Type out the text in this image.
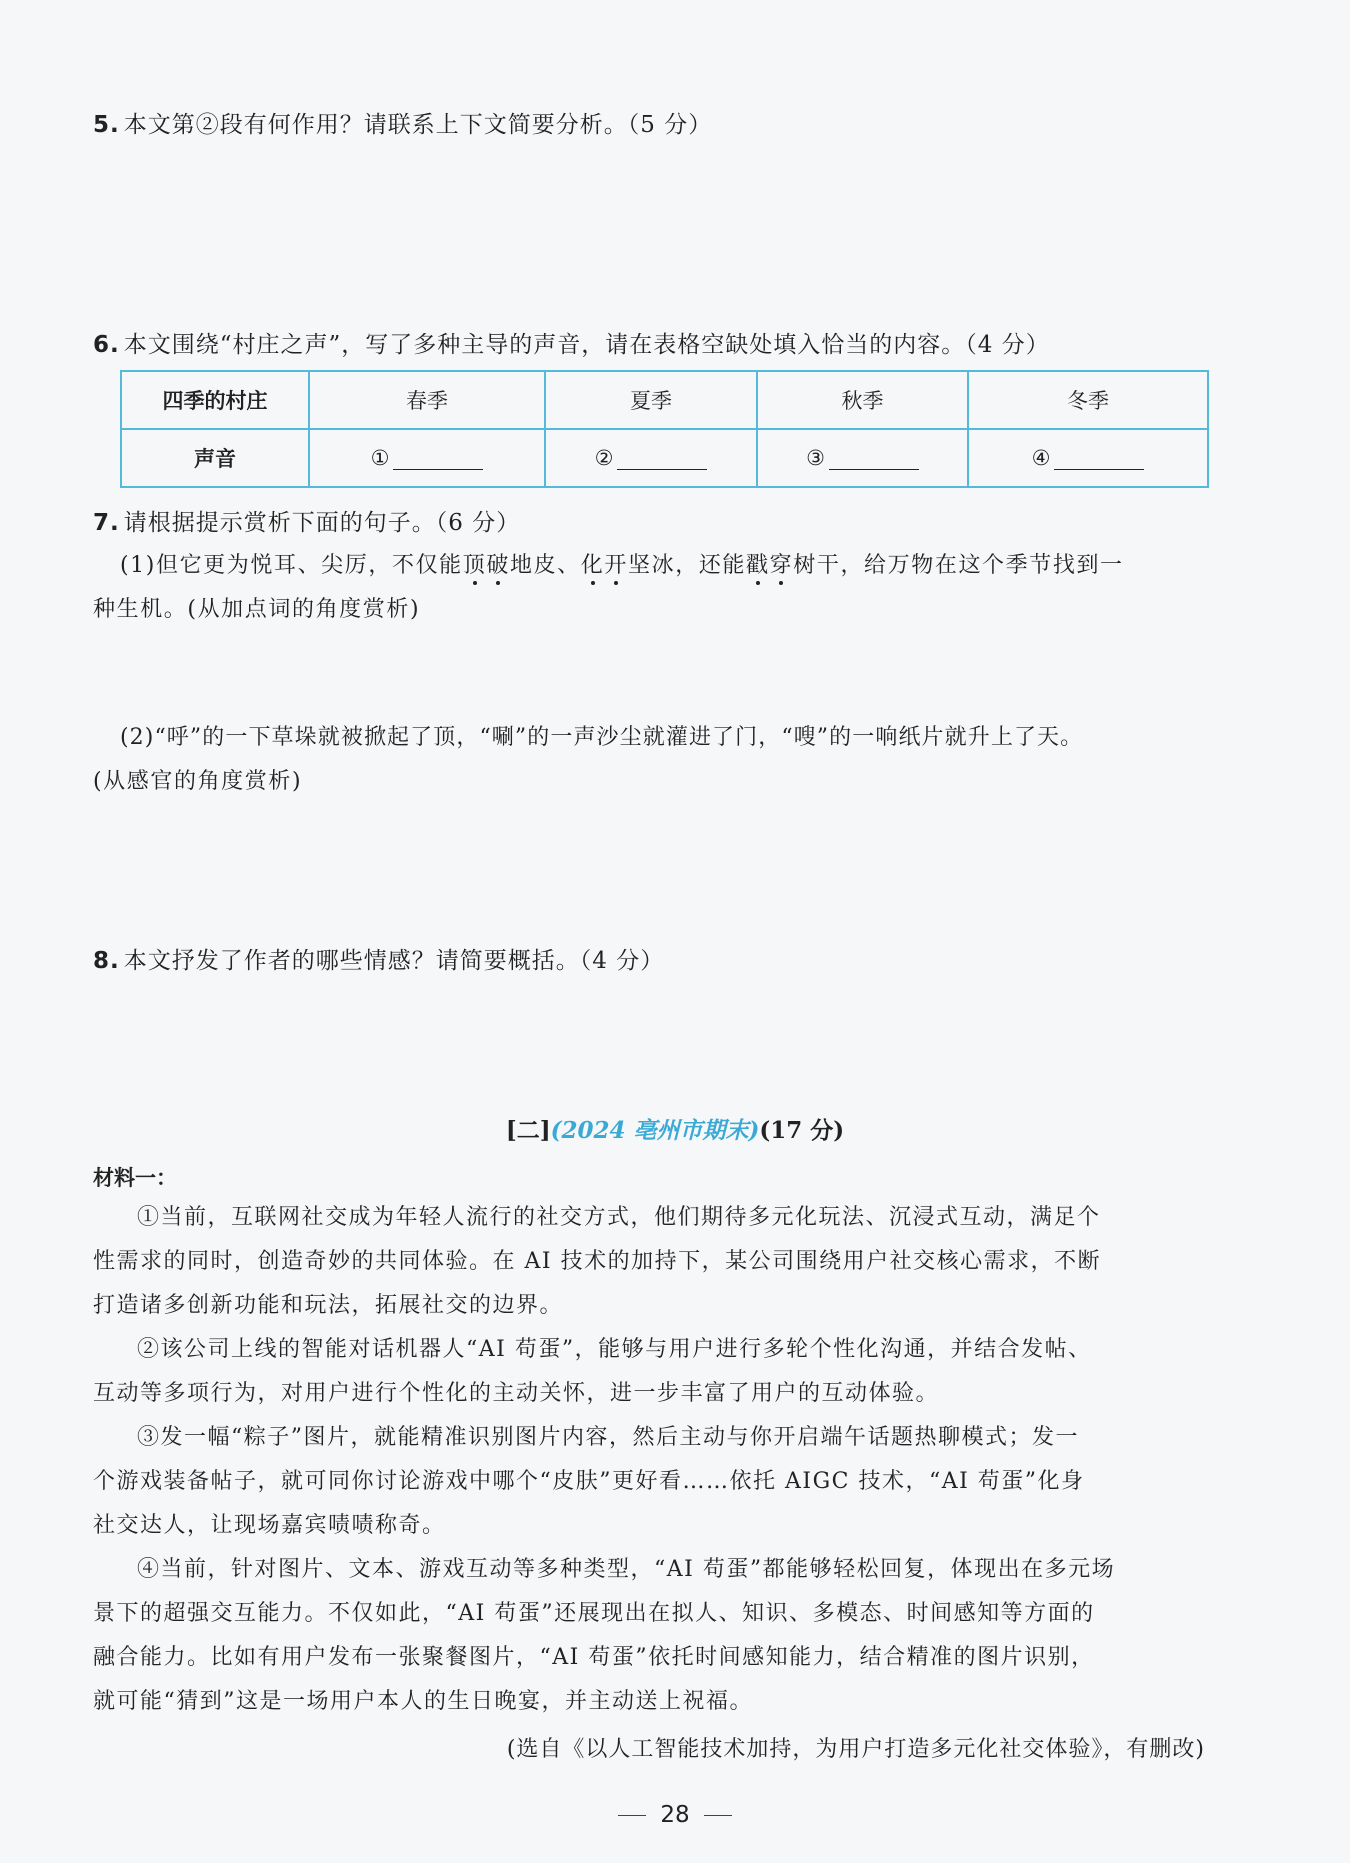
5. 本文第②段有何作用？请联系上下文简要分析。（5 分）
6. 本文围绕“村庄之声”，写了多种主导的声音，请在表格空缺处填入恰当的内容。（4 分）
四季的村庄	春季	夏季	秋季	冬季
声音	①	②	③	④
7. 请根据提示赏析下面的句子。（6 分）
(1)但它更为悦耳、尖厉，不仅能顶破地皮、化开坚冰，还能戳穿树干，给万物在这个季节找到一
种生机。(从加点词的角度赏析)
(2)“呼”的一下草垛就被掀起了顶，“唰”的一声沙尘就灌进了门，“嗖”的一响纸片就升上了天。
(从感官的角度赏析)
8. 本文抒发了作者的哪些情感？请简要概括。（4 分）
[二](2024 亳州市期末)(17 分)
材料一：
①当前，互联网社交成为年轻人流行的社交方式，他们期待多元化玩法、沉浸式互动，满足个
性需求的同时，创造奇妙的共同体验。在 AI 技术的加持下，某公司围绕用户社交核心需求，不断
打造诸多创新功能和玩法，拓展社交的边界。
②该公司上线的智能对话机器人“AI 苟蛋”，能够与用户进行多轮个性化沟通，并结合发帖、
互动等多项行为，对用户进行个性化的主动关怀，进一步丰富了用户的互动体验。
③发一幅“粽子”图片，就能精准识别图片内容，然后主动与你开启端午话题热聊模式；发一
个游戏装备帖子，就可同你讨论游戏中哪个“皮肤”更好看……依托 AIGC 技术，“AI 苟蛋”化身
社交达人，让现场嘉宾啧啧称奇。
④当前，针对图片、文本、游戏互动等多种类型，“AI 苟蛋”都能够轻松回复，体现出在多元场
景下的超强交互能力。不仅如此，“AI 苟蛋”还展现出在拟人、知识、多模态、时间感知等方面的
融合能力。比如有用户发布一张聚餐图片，“AI 苟蛋”依托时间感知能力，结合精准的图片识别，
就可能“猜到”这是一场用户本人的生日晚宴，并主动送上祝福。
(选自《以人工智能技术加持，为用户打造多元化社交体验》，有删改)
28
